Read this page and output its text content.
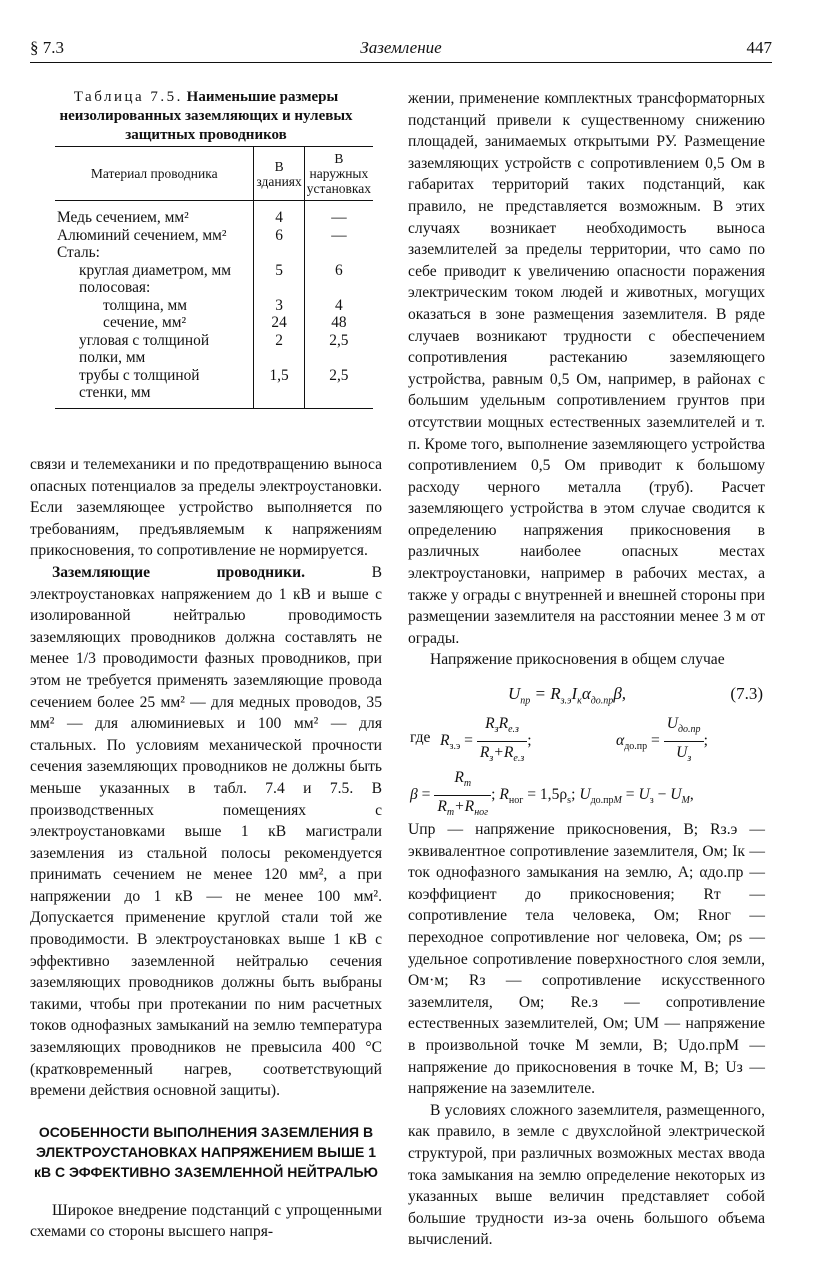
§ 7.3	Заземление	447
Таблица 7.5. Наименьшие размеры неизолированных заземляющих и нулевых защитных проводников
Материал проводника	В зданиях	В наружных установках
Медь сечением, мм²	4	—
Алюминий сечением, мм²	6	—
Сталь:		
круглая диаметром, мм	5	6
полосовая:		
толщина, мм	3	4
сечение, мм²	24	48
угловая с толщиной полки, мм	2	2,5
трубы с толщиной стенки, мм	1,5	2,5

связи и телемеханики и по предотвращению выноса опасных потенциалов за пределы электроустановки. Если заземляющее устройство выполняется по требованиям, предъявляемым к напряжениям прикосновения, то сопротивление не нормируется.

Заземляющие проводники. В электроустановках напряжением до 1 кВ и выше с изолированной нейтралью проводимость заземляющих проводников должна составлять не менее 1/3 проводимости фазных проводников, при этом не требуется применять заземляющие провода сечением более 25 мм² — для медных проводов, 35 мм² — для алюминиевых и 100 мм² — для стальных. По условиям механической прочности сечения заземляющих проводников не должны быть меньше указанных в табл. 7.4 и 7.5. В производственных помещениях с электроустановками выше 1 кВ магистрали заземления из стальной полосы рекомендуется принимать сечением не менее 120 мм², а при напряжении до 1 кВ — не менее 100 мм². Допускается применение круглой стали той же проводимости. В электроустановках выше 1 кВ с эффективно заземленной нейтралью сечения заземляющих проводников должны быть выбраны такими, чтобы при протекании по ним расчетных токов однофазных замыканий на землю температура заземляющих проводников не превысила 400 °С (кратковременный нагрев, соответствующий времени действия основной защиты).

ОСОБЕННОСТИ ВЫПОЛНЕНИЯ ЗАЗЕМЛЕНИЯ В ЭЛЕКТРОУСТАНОВКАХ НАПРЯЖЕНИЕМ ВЫШЕ 1 кВ С ЭФФЕКТИВНО ЗАЗЕМЛЕННОЙ НЕЙТРАЛЬЮ

Широкое внедрение подстанций с упрощенными схемами со стороны высшего напря-

жении, применение комплектных трансформаторных подстанций привели к существенному снижению площадей, занимаемых открытыми РУ. Размещение заземляющих устройств с сопротивлением 0,5 Ом в габаритах территорий таких подстанций, как правило, не представляется возможным. В этих случаях возникает необходимость выноса заземлителей за пределы территории, что само по себе приводит к увеличению опасности поражения электрическим током людей и животных, могущих оказаться в зоне размещения заземлителя. В ряде случаев возникают трудности с обеспечением сопротивления растеканию заземляющего устройства, равным 0,5 Ом, например, в районах с большим удельным сопротивлением грунтов при отсутствии мощных естественных заземлителей и т. п. Кроме того, выполнение заземляющего устройства сопротивлением 0,5 Ом приводит к большому расходу черного металла (труб). Расчет заземляющего устройства в этом случае сводится к определению напряжения прикосновения в различных наиболее опасных местах электроустановки, например в рабочих местах, а также у ограды с внутренней и внешней стороны при размещении заземлителя на расстоянии менее 3 м от ограды.

Напряжение прикосновения в общем случае

$U_{пр} = R_{з.э}I_к\alpha_{до.пр}\beta$,	(7.3)
где $R_{з.э} = \frac{R_зR_{е.з}}{R_з+R_{е.з}}$ ;	$\alpha_{до.пр} = \frac{U_{до.пр}}{U_з}$ ;
$\beta = \frac{R_т}{R_т+R_{ног}}$ ; $R_{ног} = 1,5\rho_s$; $U_{до.прM} = U_з - U_M$,

Uпр — напряжение прикосновения, В; Rз.э — эквивалентное сопротивление заземлителя, Ом; Iк — ток однофазного замыкания на землю, А; αдо.пр — коэффициент до прикосновения; Rт — сопротивление тела человека, Ом; Rног — переходное сопротивление ног человека, Ом; ρs — удельное сопротивление поверхностного слоя земли, Ом·м; Rз — сопротивление искусственного заземлителя, Ом; Rе.з — сопротивление естественных заземлителей, Ом; UM — напряжение в произвольной точке М земли, В; Uдо.прM — напряжение до прикосновения в точке М, В; Uз — напряжение на заземлителе.

В условиях сложного заземлителя, размещенного, как правило, в земле с двухслойной электрической структурой, при различных возможных местах ввода тока замыкания на землю определение некоторых из указанных выше величин представляет собой большие трудности из-за очень большого объема вычислений.
